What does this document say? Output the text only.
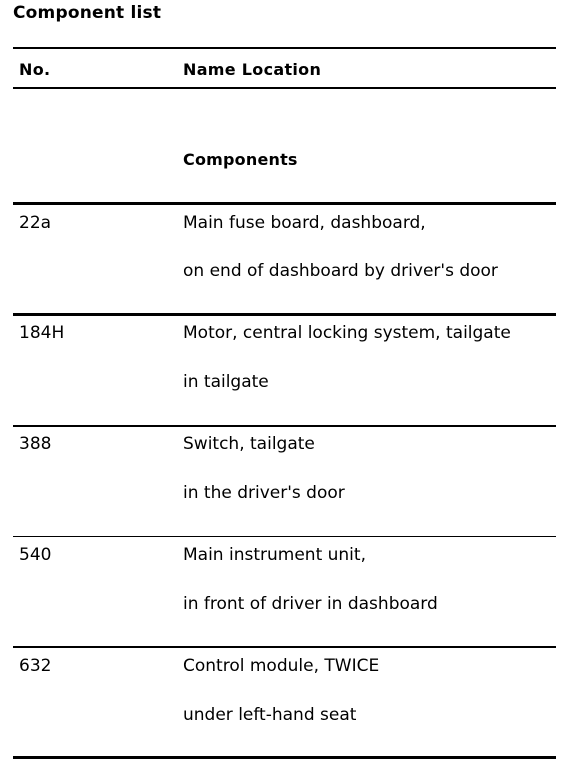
Component list
No.	Name Location
Components
22a	Main fuse board, dashboard,
on end of dashboard by driver's door
184H	Motor, central locking system, tailgate
in tailgate
388	Switch, tailgate
in the driver's door
540	Main instrument unit,
in front of driver in dashboard
632	Control module, TWICE
under left-hand seat
